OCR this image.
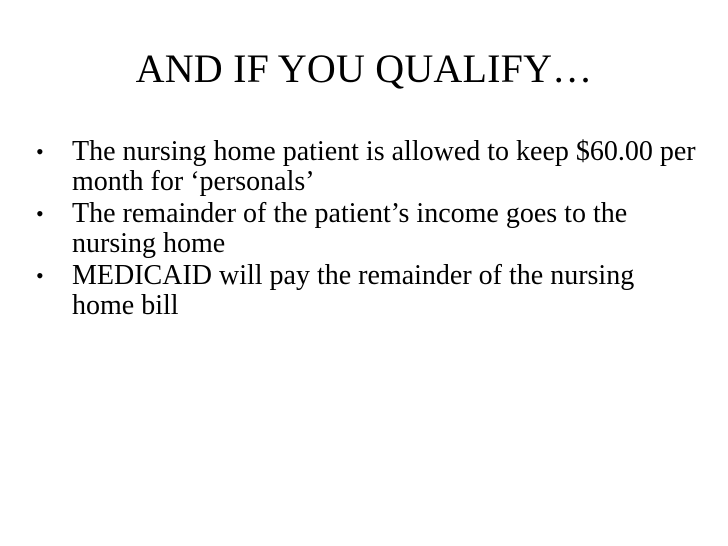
AND IF YOU QUALIFY…
•	The nursing home patient is allowed to keep $60.00 per month for ‘personals’
•	The remainder of the patient’s income goes to the nursing home
•	MEDICAID will pay the remainder of the nursing home bill
